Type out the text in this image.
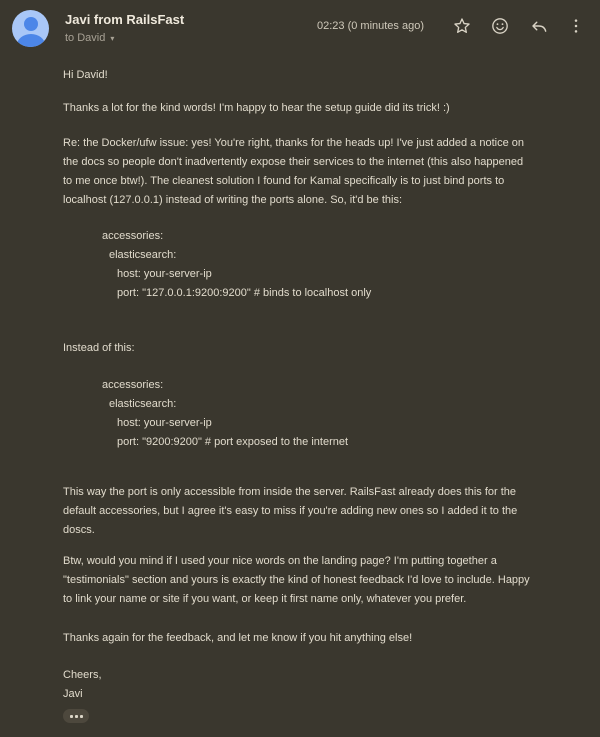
Javi from RailsFast
to David ▾
02:23 (0 minutes ago)
Hi David!
Thanks a lot for the kind words! I'm happy to hear the setup guide did its trick! :)
Re: the Docker/ufw issue: yes! You're right, thanks for the heads up! I've just added a notice on
the docs so people don't inadvertently expose their services to the internet (this also happened
to me once btw!). The cleanest solution I found for Kamal specifically is to just bind ports to
localhost (127.0.0.1) instead of writing the ports alone. So, it'd be this:
accessories:
elasticsearch:
host: your-server-ip
port: "127.0.0.1:9200:9200" # binds to localhost only
Instead of this:
accessories:
elasticsearch:
host: your-server-ip
port: "9200:9200" # port exposed to the internet
This way the port is only accessible from inside the server. RailsFast already does this for the
default accessories, but I agree it's easy to miss if you're adding new ones so I added it to the
doscs.
Btw, would you mind if I used your nice words on the landing page? I'm putting together a
"testimonials" section and yours is exactly the kind of honest feedback I'd love to include. Happy
to link your name or site if you want, or keep it first name only, whatever you prefer.
Thanks again for the feedback, and let me know if you hit anything else!
Cheers,
Javi
